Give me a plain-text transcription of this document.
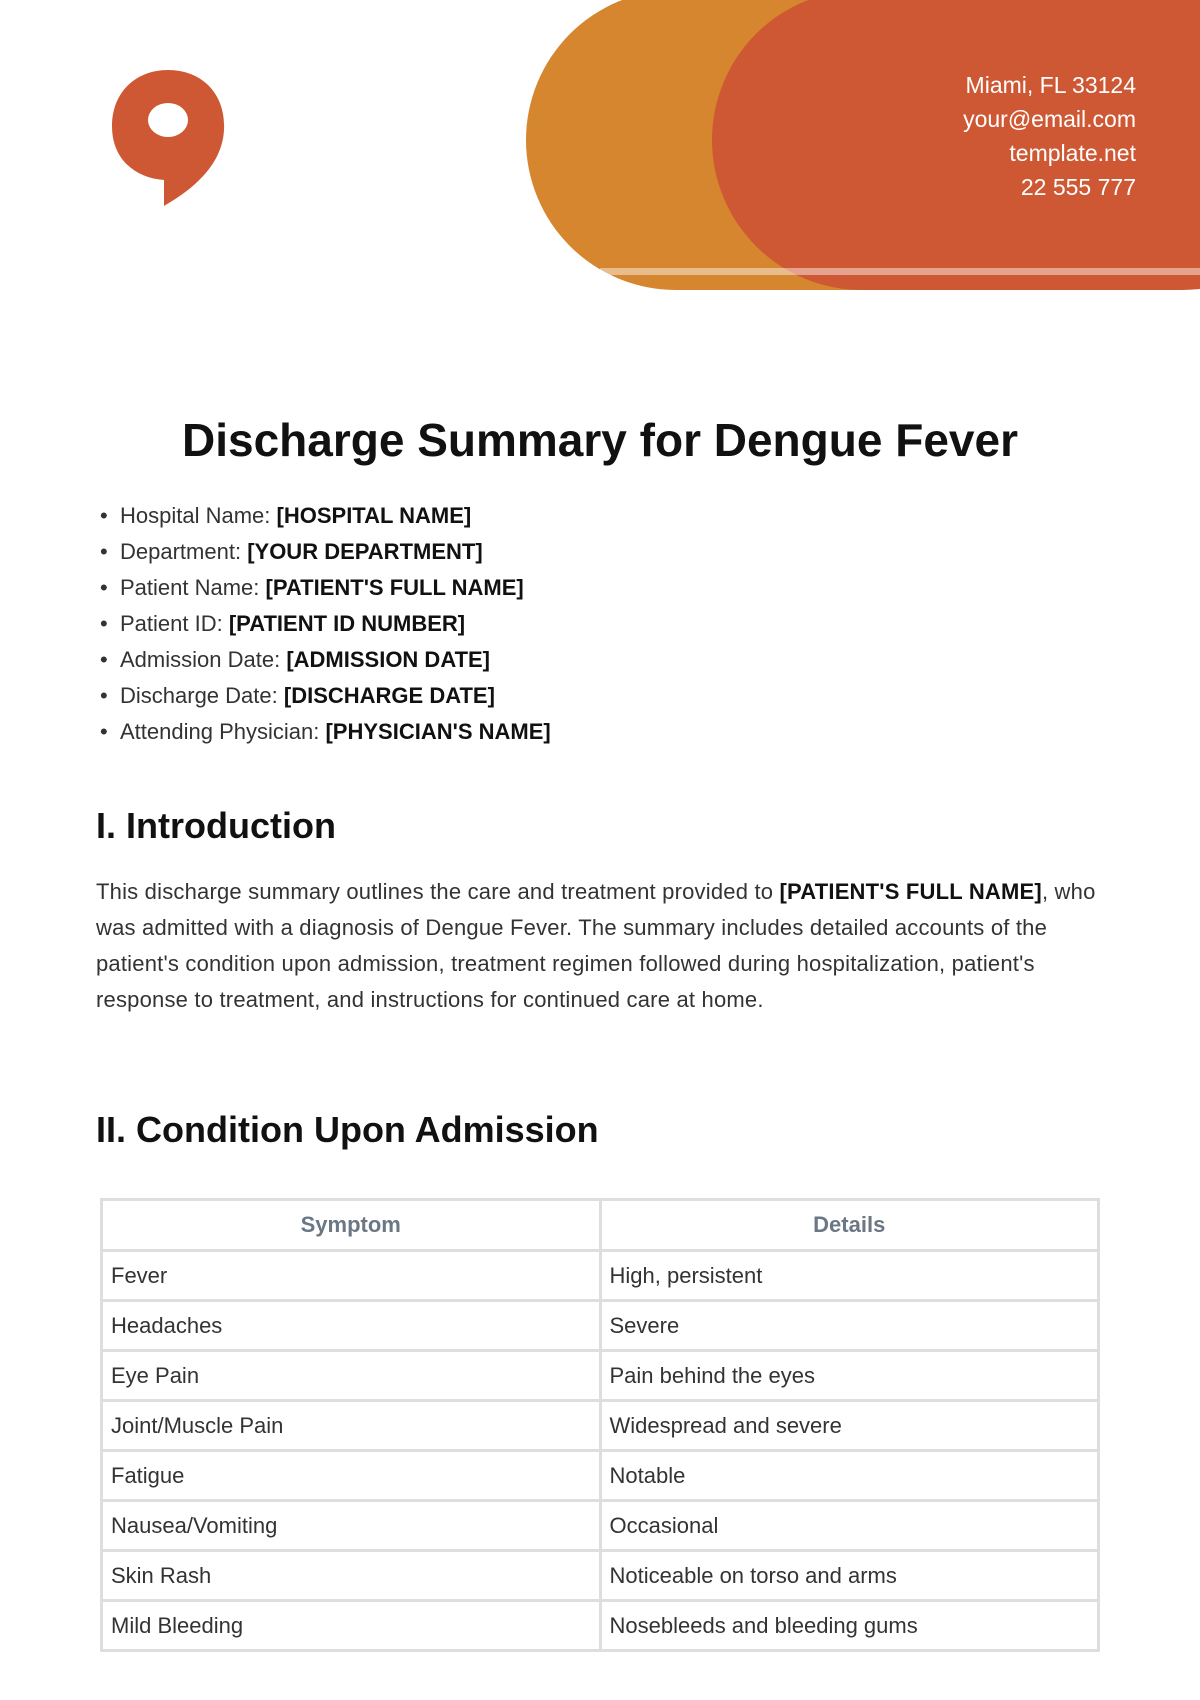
Miami, FL 33124
your@email.com
template.net
22 555 777
Discharge Summary for Dengue Fever
• Hospital Name: [HOSPITAL NAME]
• Department: [YOUR DEPARTMENT]
• Patient Name: [PATIENT'S FULL NAME]
• Patient ID: [PATIENT ID NUMBER]
• Admission Date: [ADMISSION DATE]
• Discharge Date: [DISCHARGE DATE]
• Attending Physician: [PHYSICIAN'S NAME]
I. Introduction

This discharge summary outlines the care and treatment provided to [PATIENT'S FULL NAME], who was admitted with a diagnosis of Dengue Fever. The summary includes detailed accounts of the patient's condition upon admission, treatment regimen followed during hospitalization, patient's response to treatment, and instructions for continued care at home.

II. Condition Upon Admission
Symptom	Details
Fever	High, persistent
Headaches	Severe
Eye Pain	Pain behind the eyes
Joint/Muscle Pain	Widespread and severe
Fatigue	Notable
Nausea/Vomiting	Occasional
Skin Rash	Noticeable on torso and arms
Mild Bleeding	Nosebleeds and bleeding gums
